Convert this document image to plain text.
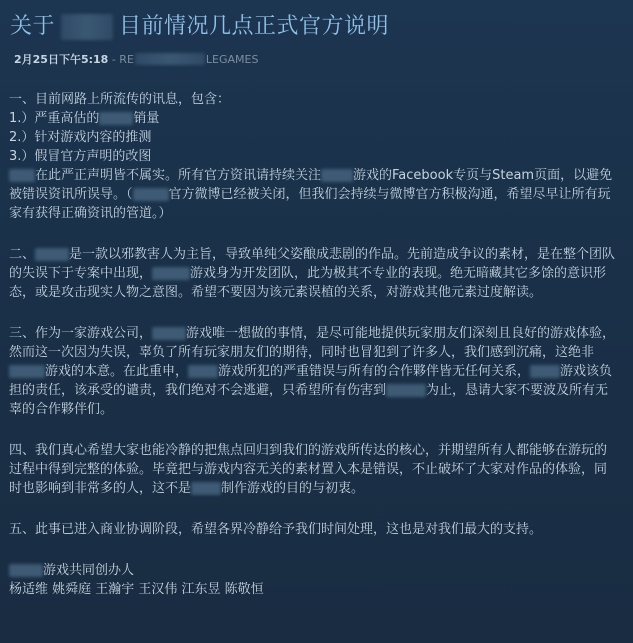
关于	目前情况几点正式官方说明
2月25日下午5:18 - RE	LEGAMES
一、目前网路上所流传的讯息，包含：
1.）严重高估的	销量
2.）针对游戏内容的推测
3.）假冒官方声明的改图
在此严正声明皆不属实。所有官方资讯请持续关注 游戏的Facebook专页与Steam页面，以避免被错误资讯所误导。（	官方微博已经被关闭，但我们会持续与微博官方积极沟通，希望尽早让所有玩家有获得正确资讯的管道。）
二、	是一款以邪教害人为主旨，导致单纯父姿酿成悲剧的作品。先前造成争议的素材，是在整个团队的失误下于专案中出现，	游戏身为开发团队，此为极其不专业的表现。绝无暗藏其它多馀的意识形态，或是攻击现实人物之意图。希望不要因为该元素误植的关系，对游戏其他元素过度解读。
三、作为一家游戏公司，	游戏唯一想做的事情，是尽可能地提供玩家朋友们深刻且良好的游戏体验，然而这一次因为失误，辜负了所有玩家朋友们的期待，同时也冒犯到了许多人，我们感到沉痛，这绝非游戏的本意。在此重申， 游戏所犯的严重错误与所有的合作夥伴皆无任何关系， 游戏该负担的责任，该承受的谴责，我们绝对不会逃避，只希望所有伤害到	为止，恳请大家不要波及所有无辜的合作夥伴们。
四、我们真心希望大家也能冷静的把焦点回归到我们的游戏所传达的核心，并期望所有人都能够在游玩的过程中得到完整的体验。毕竟把与游戏内容无关的素材置入本是错误，不止破坏了大家对作品的体验，同时也影响到非常多的人，这不是 制作游戏的目的与初衷。
五、此事已进入商业协调阶段，希望各界冷静给予我们时间处理，这也是对我们最大的支持。
游戏共同创办人
杨适维 姚舜庭 王瀚宇 王汉伟 江东昱 陈敬恒
